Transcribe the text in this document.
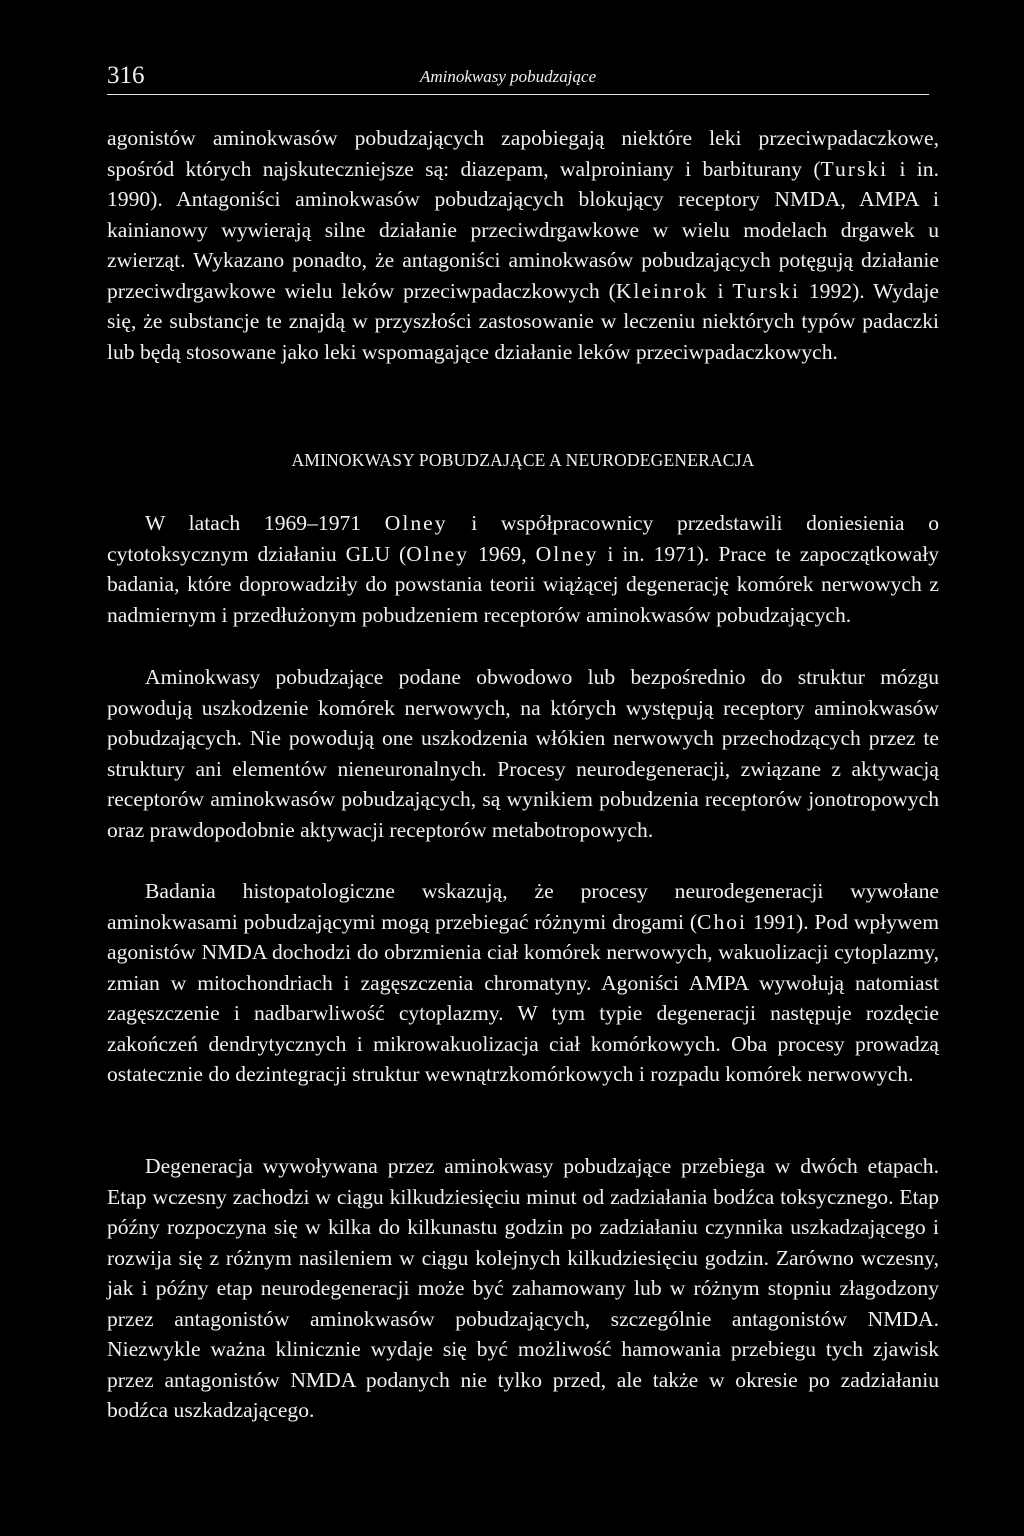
316	Aminokwasy pobudzające

agonistów aminokwasów pobudzających zapobiegają niektóre leki przeciwpadaczkowe, spośród których najskuteczniejsze są: diazepam, walproiniany i barbiturany (Turski i in. 1990). Antagoniści aminokwasów pobudzających blokujący receptory NMDA, AMPA i kainianowy wywierają silne działanie przeciwdrgawkowe w wielu modelach drgawek u zwierząt. Wykazano ponadto, że antagoniści aminokwasów pobudzających potęgują działanie przeciwdrgawkowe wielu leków przeciwpadaczkowych (Kleinrok i Turski 1992). Wydaje się, że substancje te znajdą w przyszłości zastosowanie w leczeniu niektórych typów padaczki lub będą stosowane jako leki wspomagające działanie leków przeciwpadaczkowych.

AMINOKWASY POBUDZAJĄCE A NEURODEGENERACJA

W latach 1969–1971 Olney i współpracownicy przedstawili doniesienia o cytotoksycznym działaniu GLU (Olney 1969, Olney i in. 1971). Prace te zapoczątkowały badania, które doprowadziły do powstania teorii wiążącej degenerację komórek nerwowych z nadmiernym i przedłużonym pobudzeniem receptorów aminokwasów pobudzających.

Aminokwasy pobudzające podane obwodowo lub bezpośrednio do struktur mózgu powodują uszkodzenie komórek nerwowych, na których występują receptory aminokwasów pobudzających. Nie powodują one uszkodzenia włókien nerwowych przechodzących przez te struktury ani elementów nieneuronalnych. Procesy neurodegeneracji, związane z aktywacją receptorów aminokwasów pobudzających, są wynikiem pobudzenia receptorów jonotropowych oraz prawdopodobnie aktywacji receptorów metabotropowych.

Badania histopatologiczne wskazują, że procesy neurodegeneracji wywołane aminokwasami pobudzającymi mogą przebiegać różnymi drogami (Choi 1991). Pod wpływem agonistów NMDA dochodzi do obrzmienia ciał komórek nerwowych, wakuolizacji cytoplazmy, zmian w mitochondriach i zagęszczenia chromatyny. Agoniści AMPA wywołują natomiast zagęszczenie i nadbarwliwość cytoplazmy. W tym typie degeneracji następuje rozdęcie zakończeń dendrytycznych i mikrowakuolizacja ciał komórkowych. Oba procesy prowadzą ostatecznie do dezintegracji struktur wewnątrzkomórkowych i rozpadu komórek nerwowych.

Degeneracja wywoływana przez aminokwasy pobudzające przebiega w dwóch etapach. Etap wczesny zachodzi w ciągu kilkudziesięciu minut od zadziałania bodźca toksycznego. Etap późny rozpoczyna się w kilka do kilkunastu godzin po zadziałaniu czynnika uszkadzającego i rozwija się z różnym nasileniem w ciągu kolejnych kilkudziesięciu godzin. Zarówno wczesny, jak i późny etap neurodegeneracji może być zahamowany lub w różnym stopniu złagodzony przez antagonistów aminokwasów pobudzających, szczególnie antagonistów NMDA. Niezwykle ważna klinicznie wydaje się być możliwość hamowania przebiegu tych zjawisk przez antagonistów NMDA podanych nie tylko przed, ale także w okresie po zadziałaniu bodźca uszkadzającego.
